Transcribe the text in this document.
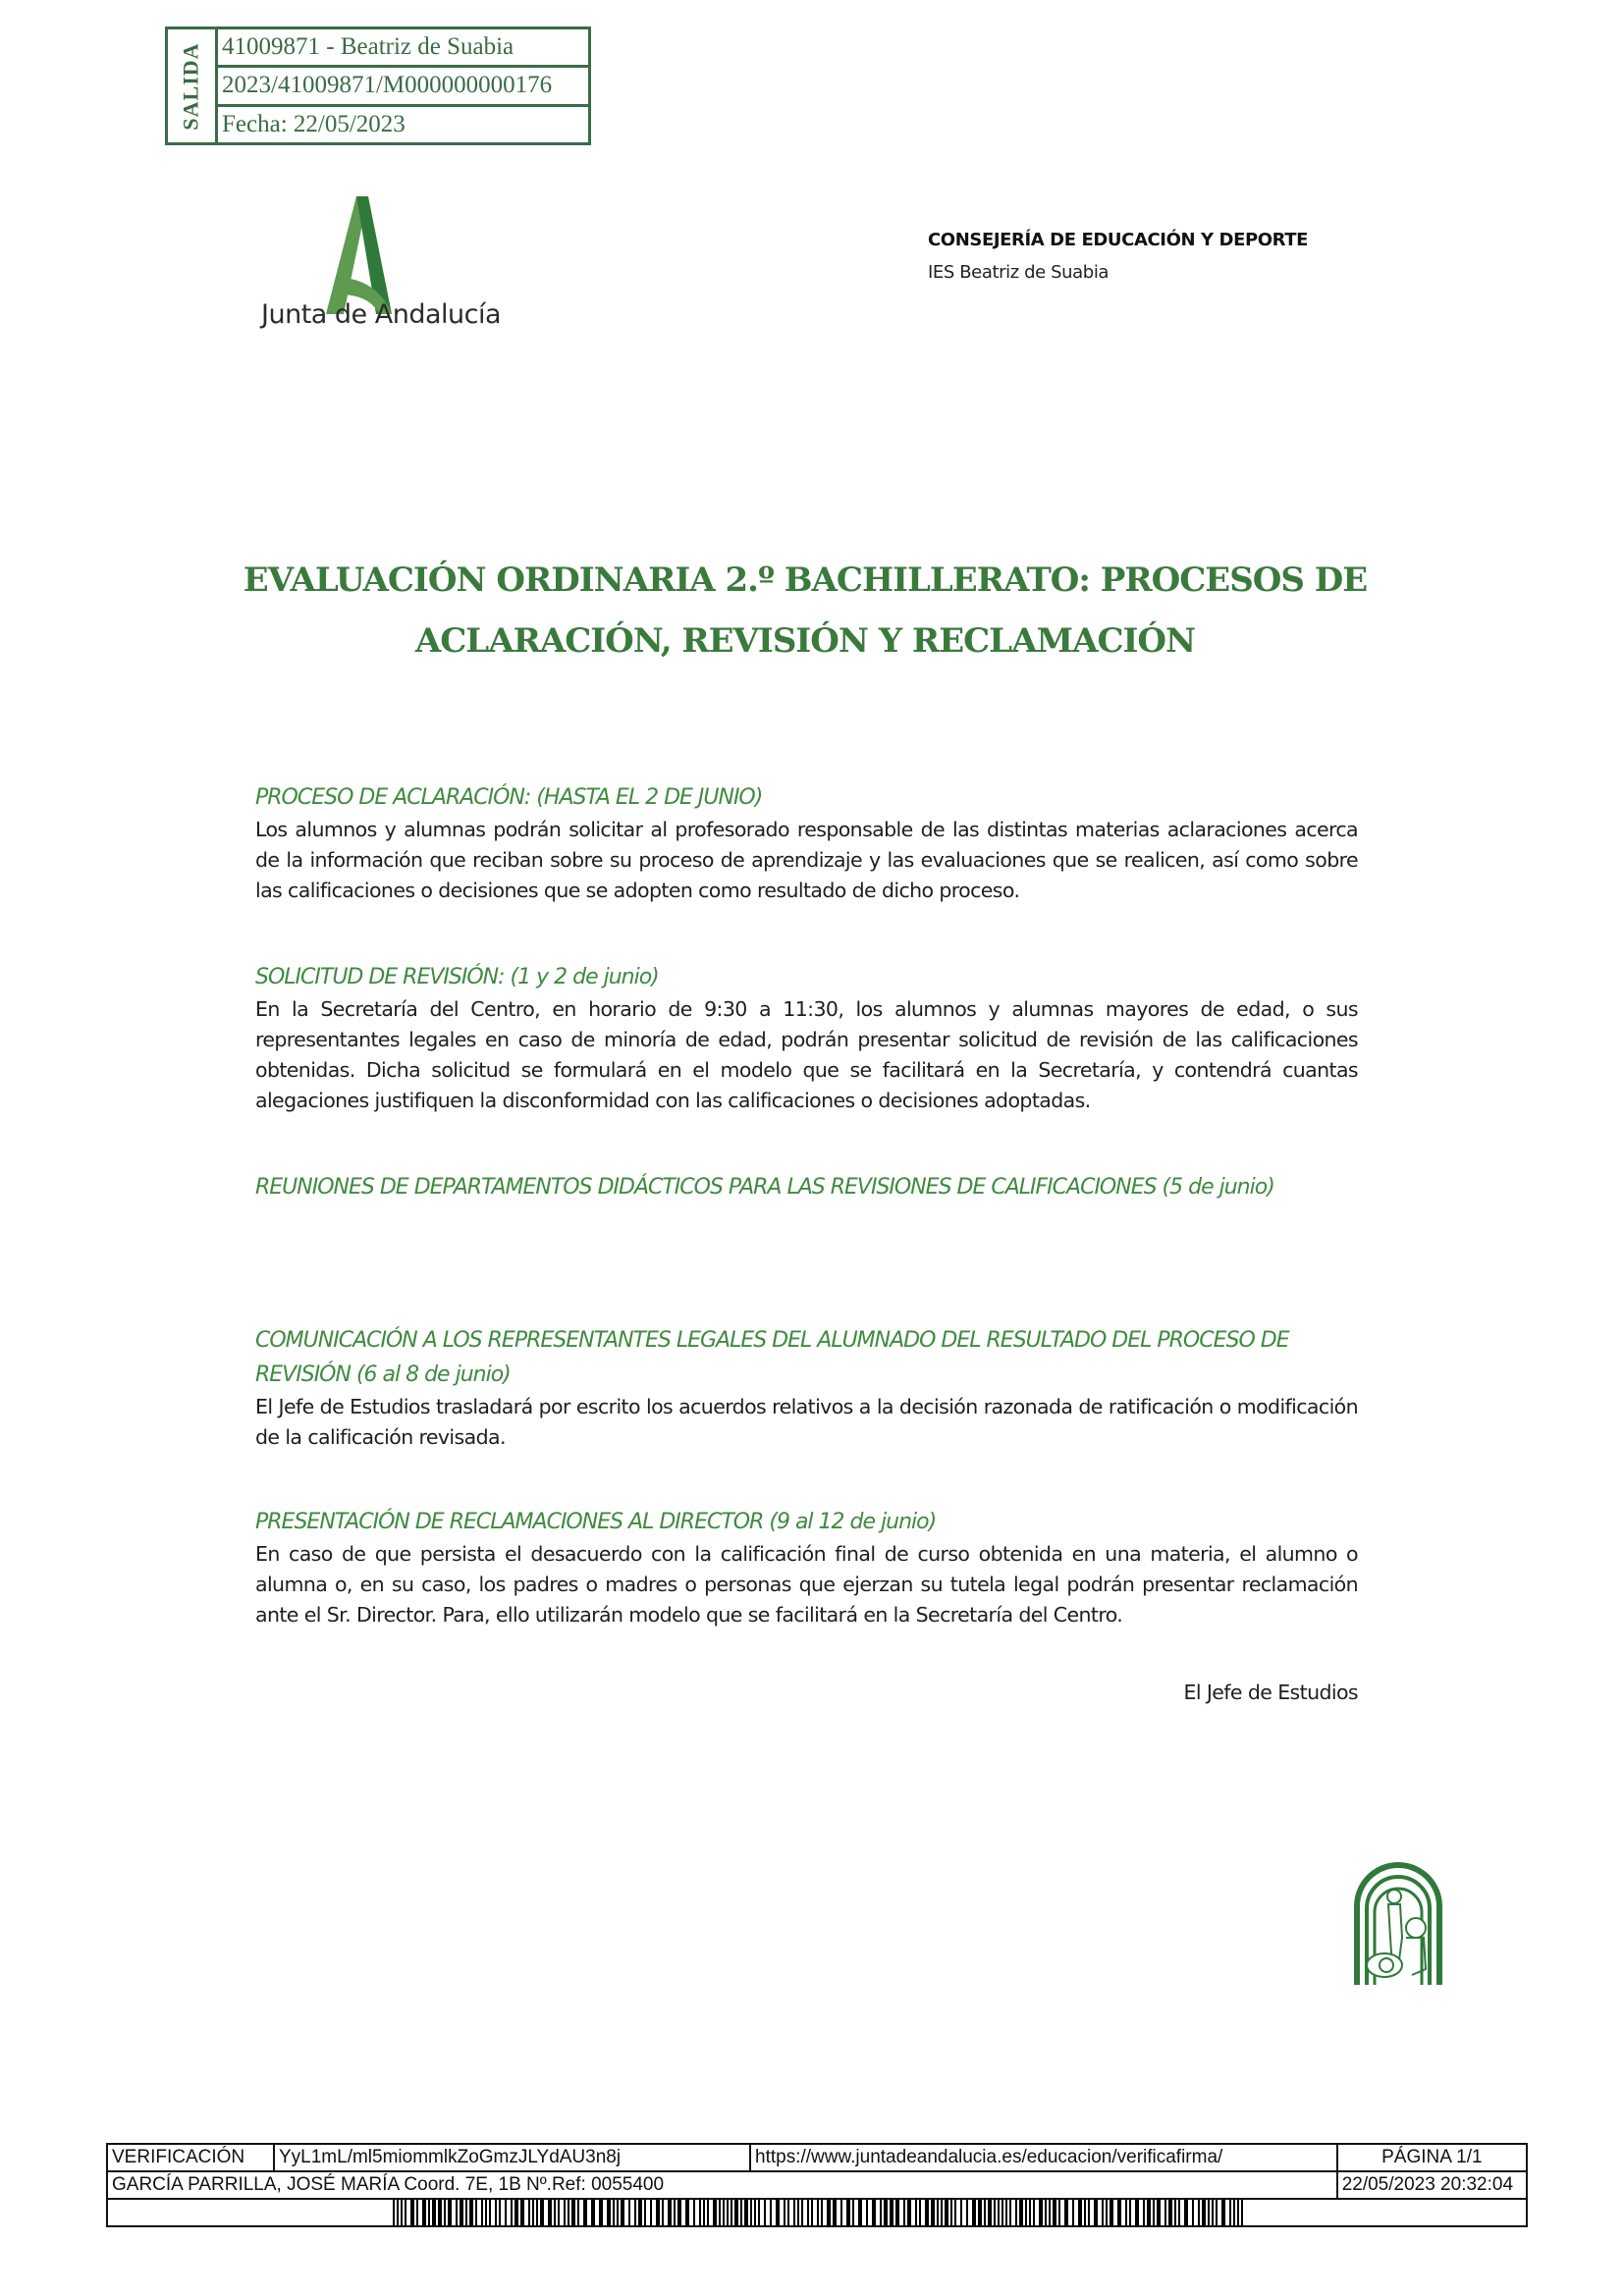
SALIDA 41009871 - Beatriz de Suabia
2023/41009871/M000000000176
Fecha: 22/05/2023
Junta de Andalucía
CONSEJERÍA DE EDUCACIÓN Y DEPORTE
IES Beatriz de Suabia
EVALUACIÓN ORDINARIA 2.º BACHILLERATO: PROCESOS DE
ACLARACIÓN, REVISIÓN Y RECLAMACIÓN
PROCESO DE ACLARACIÓN: (HASTA EL 2 DE JUNIO)
Los alumnos y alumnas podrán solicitar al profesorado responsable de las distintas materias aclaraciones acerca de la información que reciban sobre su proceso de aprendizaje y las evaluaciones que se realicen, así como sobre las calificaciones o decisiones que se adopten como resultado de dicho proceso.
SOLICITUD DE REVISIÓN: (1 y 2 de junio)
En la Secretaría del Centro, en horario de 9:30 a 11:30, los alumnos y alumnas mayores de edad, o sus representantes legales en caso de minoría de edad, podrán presentar solicitud de revisión de las calificaciones obtenidas. Dicha solicitud se formulará en el modelo que se facilitará en la Secretaría, y contendrá cuantas alegaciones justifiquen la disconformidad con las calificaciones o decisiones adoptadas.
REUNIONES DE DEPARTAMENTOS DIDÁCTICOS PARA LAS REVISIONES DE CALIFICACIONES (5 de junio)
COMUNICACIÓN A LOS REPRESENTANTES LEGALES DEL ALUMNADO DEL RESULTADO DEL PROCESO DE REVISIÓN (6 al 8 de junio)
El Jefe de Estudios trasladará por escrito los acuerdos relativos a la decisión razonada de ratificación o modificación de la calificación revisada.
PRESENTACIÓN DE RECLAMACIONES AL DIRECTOR (9 al 12 de junio)
En caso de que persista el desacuerdo con la calificación final de curso obtenida en una materia, el alumno o alumna o, en su caso, los padres o madres o personas que ejerzan su tutela legal podrán presentar reclamación ante el Sr. Director. Para, ello utilizarán modelo que se facilitará en la Secretaría del Centro.
El Jefe de Estudios
VERIFICACIÓN	YyL1mL/ml5miommlkZoGmzJLYdAU3n8j	https://www.juntadeandalucia.es/educacion/verificafirma/	PÁGINA 1/1
GARCÍA PARRILLA, JOSÉ MARÍA Coord. 7E, 1B Nº.Ref: 0055400			22/05/2023 20:32:04
